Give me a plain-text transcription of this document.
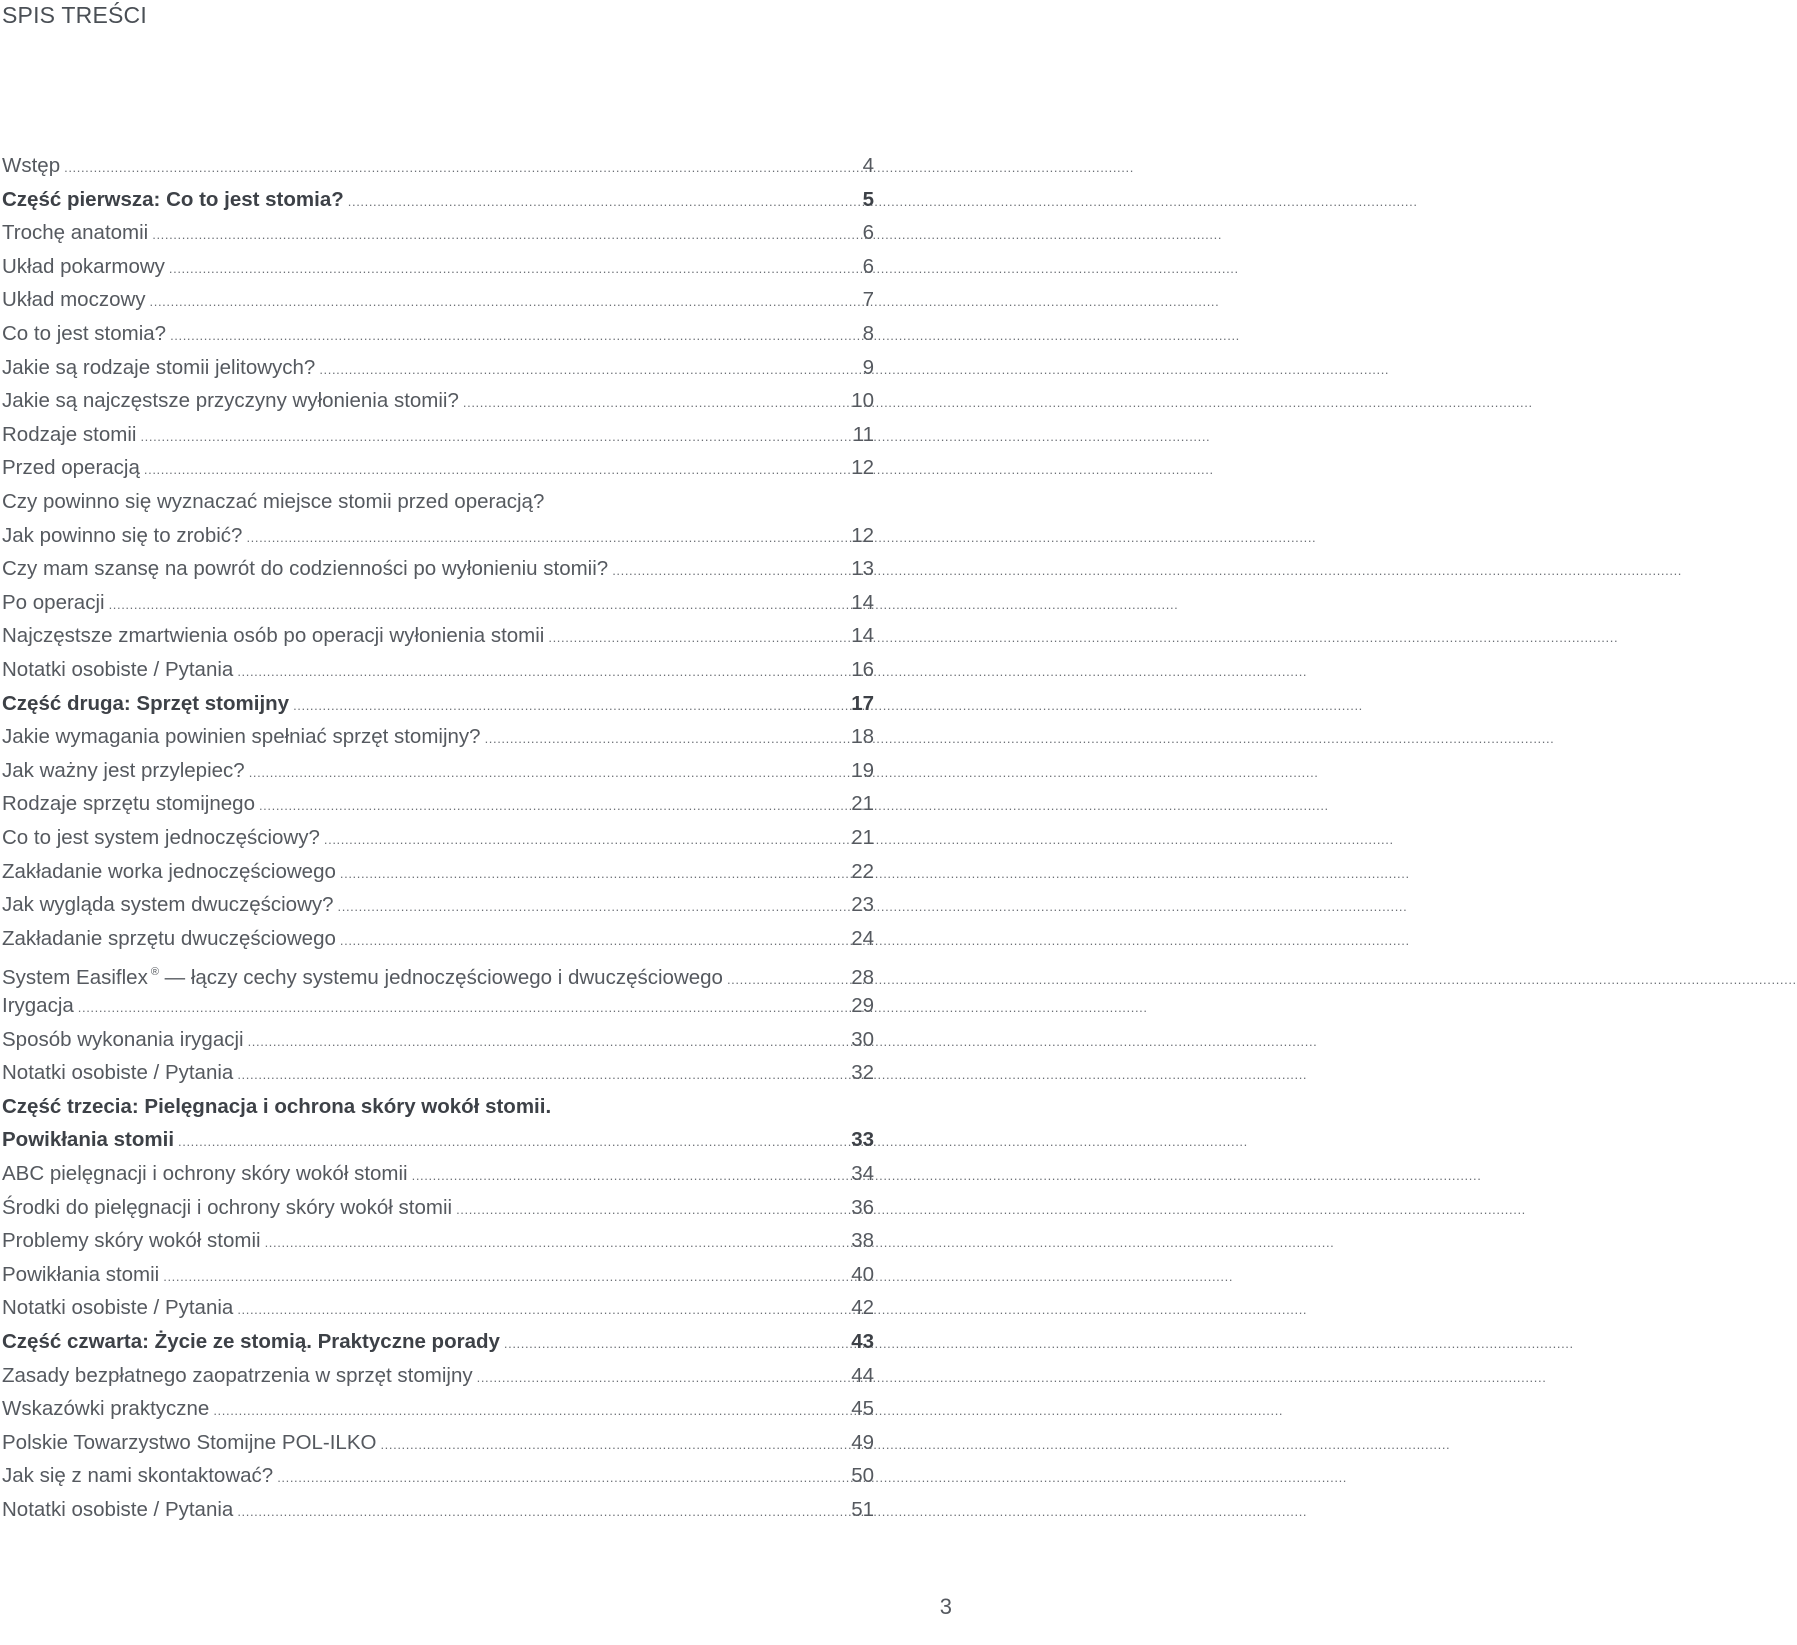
SPIS TREŚCI
Wstęp .....	4
Część pierwsza: Co to jest stomia? .....	5
Trochę anatomii .....	6
Układ pokarmowy .....	6
Układ moczowy .....	7
Co to jest stomia? .....	8
Jakie są rodzaje stomii jelitowych? .....	9
Jakie są najczęstsze przyczyny wyłonienia stomii? .....	10
Rodzaje stomii .....	11
Przed operacją .....	12
Czy powinno się wyznaczać miejsce stomii przed operacją?
Jak powinno się to zrobić? .....	12
Czy mam szansę na powrót do codzienności po wyłonieniu stomii? .....	13
Po operacji .....	14
Najczęstsze zmartwienia osób po operacji wyłonienia stomii .....	14
Notatki osobiste / Pytania .....	16
Część druga: Sprzęt stomijny .....	17
Jakie wymagania powinien spełniać sprzęt stomijny? .....	18
Jak ważny jest przylepiec? .....	19
Rodzaje sprzętu stomijnego .....	21
Co to jest system jednoczęściowy? .....	21
Zakładanie worka jednoczęściowego .....	22
Jak wygląda system dwuczęściowy? .....	23
Zakładanie sprzętu dwuczęściowego .....	24
System Easiflex ® — łączy cechy systemu jednoczęściowego i dwuczęściowego .....	28
Irygacja .....	29
Sposób wykonania irygacji .....	30
Notatki osobiste / Pytania .....	32
Część trzecia: Pielęgnacja i ochrona skóry wokół stomii.
Powikłania stomii .....	33
ABC pielęgnacji i ochrony skóry wokół stomii .....	34
Środki do pielęgnacji i ochrony skóry wokół stomii .....	36
Problemy skóry wokół stomii .....	38
Powikłania stomii .....	40
Notatki osobiste / Pytania .....	42
Część czwarta: Życie ze stomią. Praktyczne porady .....	43
Zasady bezpłatnego zaopatrzenia w sprzęt stomijny .....	44
Wskazówki praktyczne .....	45
Polskie Towarzystwo Stomijne POL-ILKO .....	49
Jak się z nami skontaktować? .....	50
Notatki osobiste / Pytania .....	51
3
